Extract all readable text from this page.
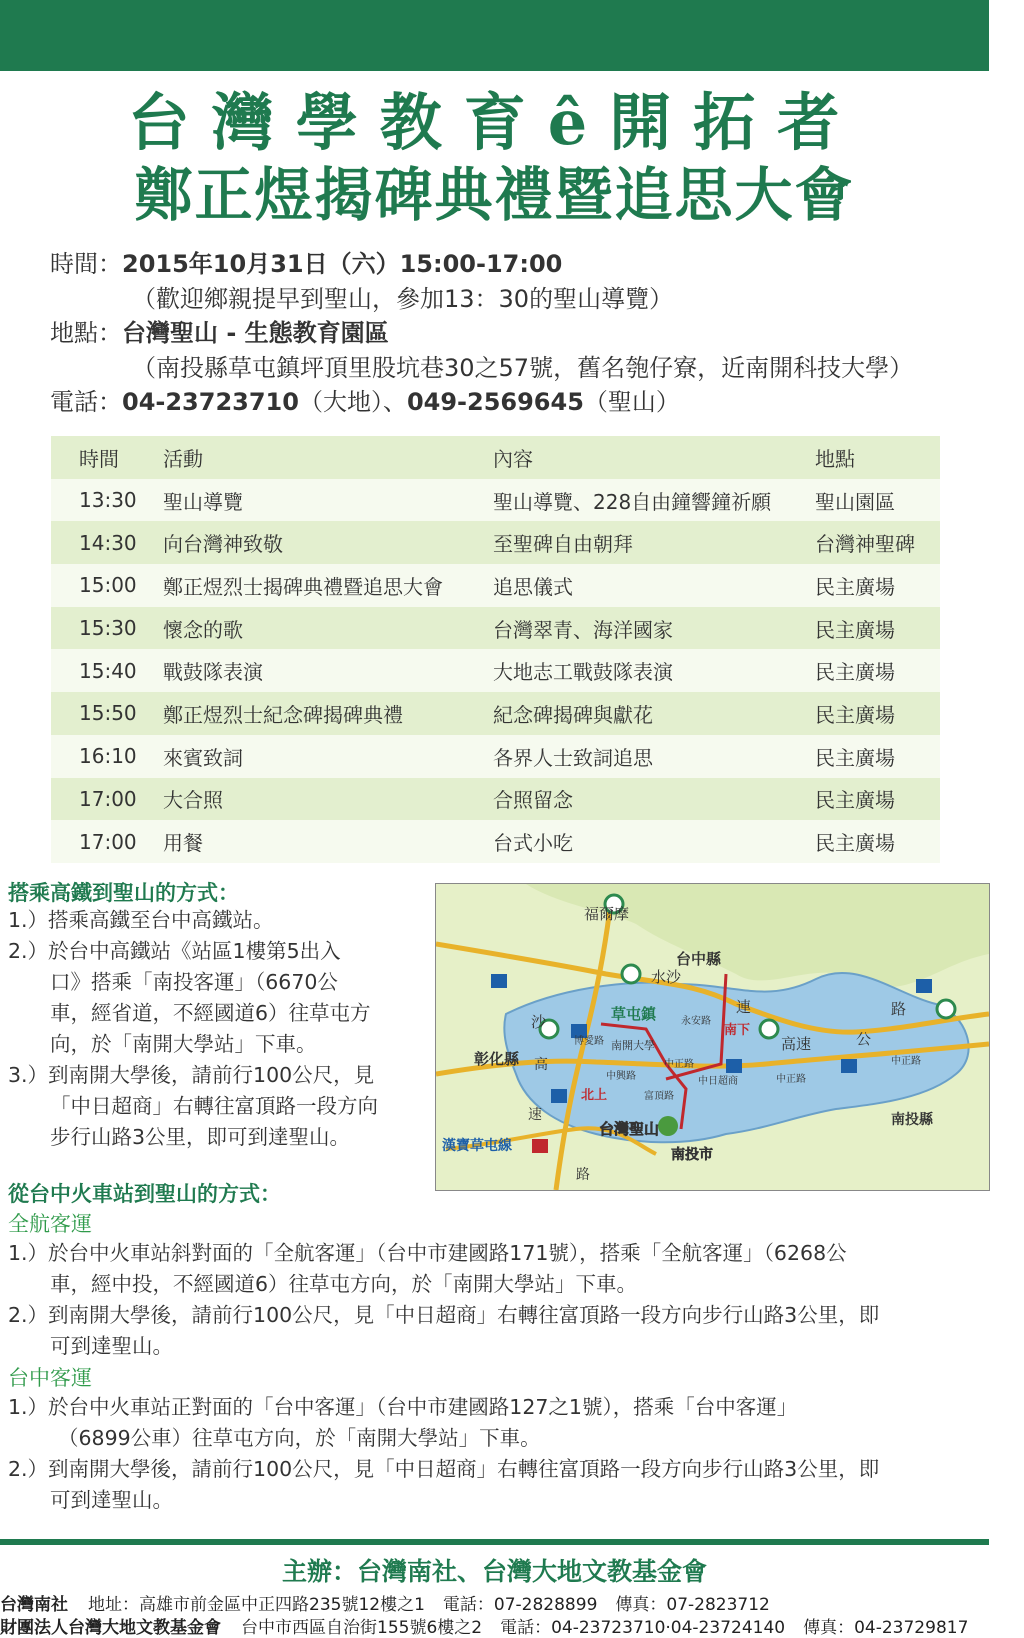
台灣學教育ê開拓者
鄭正煜揭碑典禮暨追思大會
時間：2015年10月31日（六）15:00-17:00
（歡迎鄉親提早到聖山，參加13：30的聖山導覽）
地點：台灣聖山 - 生態教育園區
（南投縣草屯鎮坪頂里股坑巷30之57號，舊名匏仔寮，近南開科技大學）
電話：04-23723710（大地）、049-2569645（聖山）
時間	活動	內容	地點
13:30	聖山導覽	聖山導覽、228自由鐘響鐘祈願	聖山園區
14:30	向台灣神致敬	至聖碑自由朝拜	台灣神聖碑
15:00	鄭正煜烈士揭碑典禮暨追思大會	追思儀式	民主廣場
15:30	懷念的歌	台灣翠青、海洋國家	民主廣場
15:40	戰鼓隊表演	大地志工戰鼓隊表演	民主廣場
15:50	鄭正煜烈士紀念碑揭碑典禮	紀念碑揭碑與獻花	民主廣場
16:10	來賓致詞	各界人士致詞追思	民主廣場
17:00	大合照	合照留念	民主廣場
17:00	用餐	台式小吃	民主廣場
搭乘高鐵到聖山的方式：
1.）搭乘高鐵至台中高鐵站。
2.）於台中高鐵站《站區1樓第5出入
口》搭乘「南投客運」（6670公
車，經省道，不經國道6）往草屯方
向，於「南開大學站」下車。
3.）到南開大學後，請前行100公尺，見
「中日超商」右轉往富頂路一段方向
步行山路3公里，即可到達聖山。
福爾摩
台中縣
水沙
連
沙
高速	公
路
彰化縣 高
速
路
草屯鎮
南開大學
中興路
博愛路
永安路
富頂路
中日超商
中正路
中正路
中正路
北上
南下
台灣聖山
南投市
南投縣
漢寶草屯線
從台中火車站到聖山的方式：
全航客運
1.）於台中火車站斜對面的「全航客運」（台中市建國路171號），搭乘「全航客運」（6268公
車，經中投，不經國道6）往草屯方向，於「南開大學站」下車。
2.）到南開大學後，請前行100公尺，見「中日超商」右轉往富頂路一段方向步行山路3公里，即
可到達聖山。
台中客運
1.）於台中火車站正對面的「台中客運」（台中市建國路127之1號），搭乘「台中客運」
（6899公車）往草屯方向，於「南開大學站」下車。
2.）到南開大學後，請前行100公尺，見「中日超商」右轉往富頂路一段方向步行山路3公里，即
可到達聖山。
主辦：台灣南社、台灣大地文教基金會
台灣南社 地址：高雄市前金區中正四路235號12樓之1 電話：07-2828899 傳真：07-2823712
財團法人台灣大地文教基金會 台中市西區自治街155號6樓之2 電話：04-23723710‧04-23724140 傳真：04-23729817
